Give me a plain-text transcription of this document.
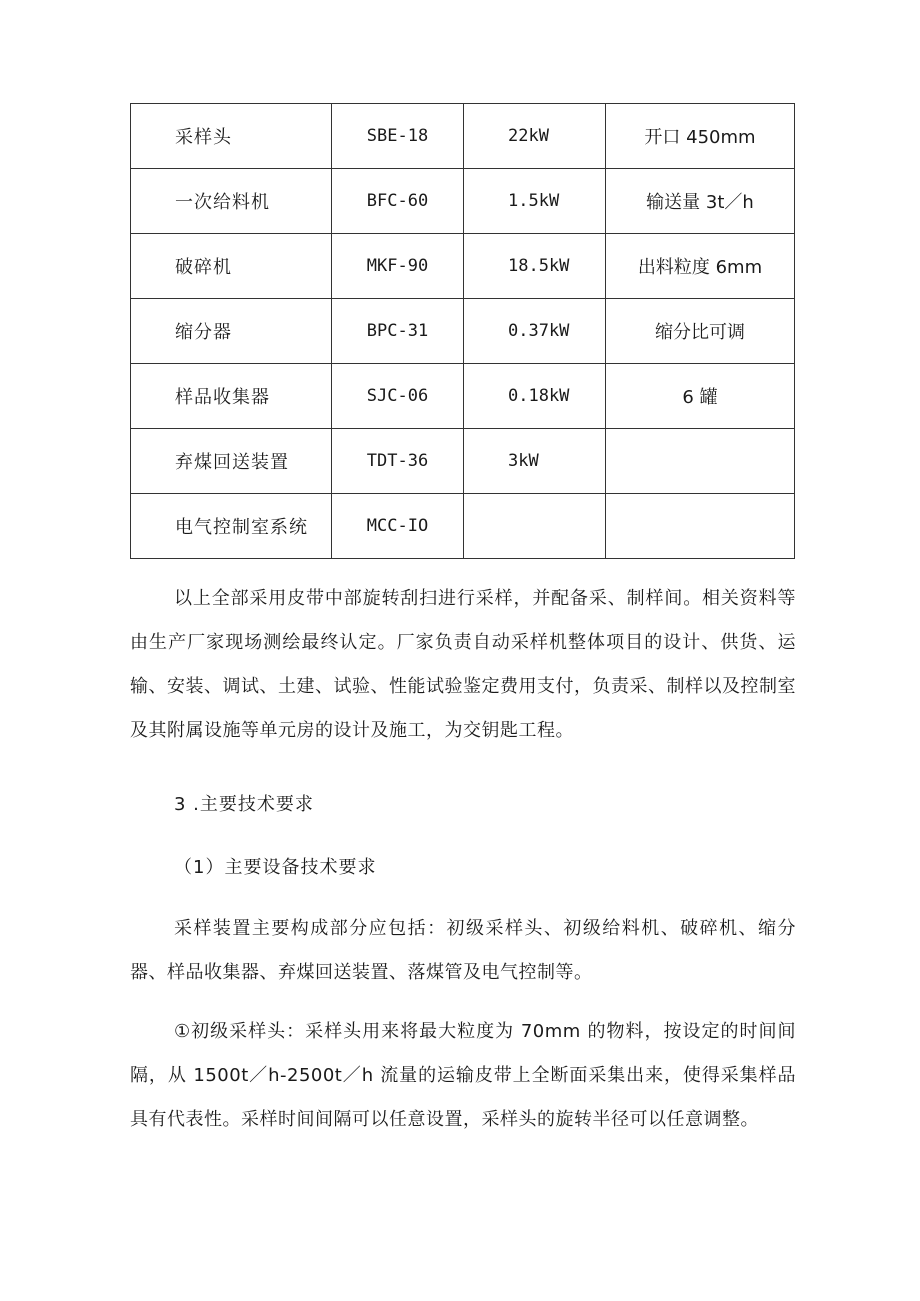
采样头	SBE-18	22kW	开口 450mm
一次给料机	BFC-60	1.5kW	输送量 3t／h
破碎机	MKF-90	18.5kW	出料粒度 6mm
缩分器	BPC-31	0.37kW	缩分比可调
样品收集器	SJC-06	0.18kW	6 罐
弃煤回送装置	TDT-36	3kW	
电气控制室系统	MCC-IO		

以上全部采用皮带中部旋转刮扫进行采样，并配备采、制样间。相关资料等由生产厂家现场测绘最终认定。厂家负责自动采样机整体项目的设计、供货、运输、安装、调试、土建、试验、性能试验鉴定费用支付，负责采、制样以及控制室及其附属设施等单元房的设计及施工，为交钥匙工程。

3 .主要技术要求

（1）主要设备技术要求

采样装置主要构成部分应包括：初级采样头、初级给料机、破碎机、缩分器、样品收集器、弃煤回送装置、落煤管及电气控制等。

①初级采样头：采样头用来将最大粒度为 70mm 的物料，按设定的时间间隔，从 1500t／h-2500t／h 流量的运输皮带上全断面采集出来，使得采集样品具有代表性。采样时间间隔可以任意设置，采样头的旋转半径可以任意调整。
